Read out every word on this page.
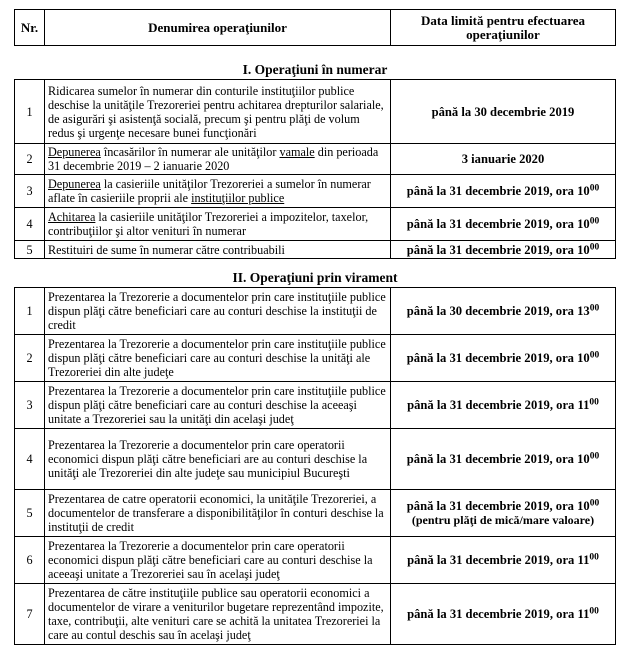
Nr.	Denumirea operaţiunilor	Data limită pentru efectuarea operaţiunilor
I. Operaţiuni în numerar
1	Ridicarea sumelor în numerar din conturile instituţiilor publice deschise la unităţile Trezoreriei pentru achitarea drepturilor salariale, de asigurări şi asistenţă socială, precum şi pentru plăţi de volum redus şi urgenţe necesare bunei funcţionări	până la 30 decembrie 2019
2	Depunerea încasărilor în numerar ale unităţilor vamale din perioada 31 decembrie 2019 – 2 ianuarie 2020	3 ianuarie 2020
3	Depunerea la casieriile unităţilor Trezoreriei a sumelor în numerar aflate în casieriile proprii ale instituţiilor publice	până la 31 decembrie 2019, ora $10^{00}$
4	Achitarea la casieriile unităţilor Trezoreriei a impozitelor, taxelor, contribuţiilor şi altor venituri în numerar	până la 31 decembrie 2019, ora $10^{00}$
5	Restituiri de sume în numerar către contribuabili	până la 31 decembrie 2019, ora $10^{00}$
II. Operaţiuni prin virament
1	Prezentarea la Trezorerie a documentelor prin care instituţiile publice dispun plăţi către beneficiari care au conturi deschise la instituţii de credit	până la 30 decembrie 2019, ora $13^{00}$
2	Prezentarea la Trezorerie a documentelor prin care instituţiile publice dispun plăţi către beneficiari care au conturi deschise la unităţi ale Trezoreriei din alte judeţe	până la 31 decembrie 2019, ora $10^{00}$
3	Prezentarea la Trezorerie a documentelor prin care instituţiile publice dispun plăţi către beneficiari care au conturi deschise la aceeaşi unitate a Trezoreriei sau la unităţi din acelaşi judeţ	până la 31 decembrie 2019, ora $11^{00}$
4	Prezentarea la Trezorerie a documentelor prin care operatorii economici dispun plăţi către beneficiari are au conturi deschise la unităţi ale Trezoreriei din alte judeţe sau municipiul Bucureşti	până la 31 decembrie 2019, ora $10^{00}$
5	Prezentarea de catre operatorii economici, la unităţile Trezoreriei, a documentelor de transferare a disponibilităţilor în conturi deschise la instituţii de credit	până la 31 decembrie 2019, ora $10^{00}$
(pentru plăţi de mică/mare valoare)

6	Prezentarea la Trezorerie a documentelor prin care operatorii economici dispun plăţi către beneficiari care au conturi deschise la aceeaşi unitate a Trezoreriei sau în acelaşi judeţ	până la 31 decembrie 2019, ora $11^{00}$
7	Prezentarea de către instituţiile publice sau operatorii economici a documentelor de virare a veniturilor bugetare reprezentând impozite, taxe, contribuţii, alte venituri care se achită la unitatea Trezoreriei la care au contul deschis sau în acelaşi judeţ	până la 31 decembrie 2019, ora $11^{00}$
